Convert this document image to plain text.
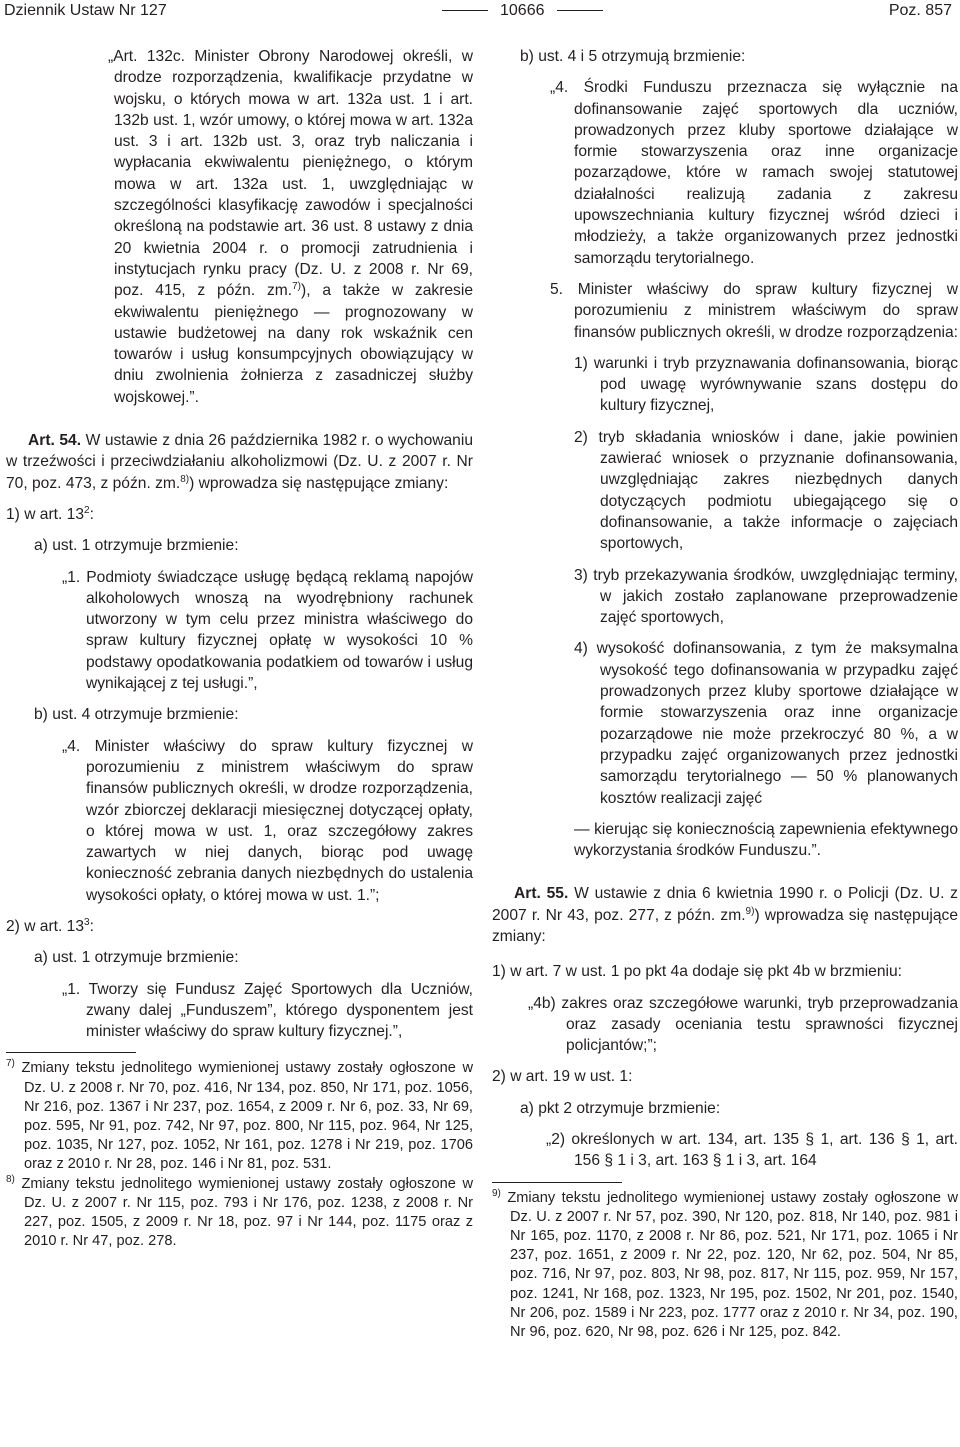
Dziennik Ustaw Nr 127	10666	Poz. 857

„Art. 132c. Minister Obrony Narodowej określi, w drodze rozporządzenia, kwalifikacje przydatne w wojsku, o których mowa w art. 132a ust. 1 i art. 132b ust. 1, wzór umowy, o której mowa w art. 132a ust. 3 i art. 132b ust. 3, oraz tryb naliczania i wypłacania ekwiwalentu pieniężnego, o którym mowa w art. 132a ust. 1, uwzględniając w szczególności klasyfikację zawodów i specjalności określoną na podstawie art. 36 ust. 8 ustawy z dnia 20 kwietnia 2004 r. o promocji zatrudnienia i instytucjach rynku pracy (Dz. U. z 2008 r. Nr 69, poz. 415, z późn. zm.$^{7)}$), a także w zakresie ekwiwalentu pieniężnego — prognozowany w ustawie budżetowej na dany rok wskaźnik cen towarów i usług konsumpcyjnych obowiązujący w dniu zwolnienia żołnierza z zasadniczej służby wojskowej.”.

Art. 54. W ustawie z dnia 26 października 1982 r. o wychowaniu w trzeźwości i przeciwdziałaniu alkoholizmowi (Dz. U. z 2007 r. Nr 70, poz. 473, z późn. zm.$^{8)}$) wprowadza się następujące zmiany:

1) w art. $13^2$:

a) ust. 1 otrzymuje brzmienie:

„1. Podmioty świadczące usługę będącą reklamą napojów alkoholowych wnoszą na wyodrębniony rachunek utworzony w tym celu przez ministra właściwego do spraw kultury fizycznej opłatę w wysokości 10 % podstawy opodatkowania podatkiem od towarów i usług wynikającej z tej usługi.”,

b) ust. 4 otrzymuje brzmienie:

„4. Minister właściwy do spraw kultury fizycznej w porozumieniu z ministrem właściwym do spraw finansów publicznych określi, w drodze rozporządzenia, wzór zbiorczej deklaracji miesięcznej dotyczącej opłaty, o której mowa w ust. 1, oraz szczegółowy zakres zawartych w niej danych, biorąc pod uwagę konieczność zebrania danych niezbędnych do ustalenia wysokości opłaty, o której mowa w ust. 1.”;

2) w art. $13^3$:

a) ust. 1 otrzymuje brzmienie:

„1. Tworzy się Fundusz Zajęć Sportowych dla Uczniów, zwany dalej „Funduszem”, którego dysponentem jest minister właściwy do spraw kultury fizycznej.”,

$^{7)}$ Zmiany tekstu jednolitego wymienionej ustawy zostały ogłoszone w Dz. U. z 2008 r. Nr 70, poz. 416, Nr 134, poz. 850, Nr 171, poz. 1056, Nr 216, poz. 1367 i Nr 237, poz. 1654, z 2009 r. Nr 6, poz. 33, Nr 69, poz. 595, Nr 91, poz. 742, Nr 97, poz. 800, Nr 115, poz. 964, Nr 125, poz. 1035, Nr 127, poz. 1052, Nr 161, poz. 1278 i Nr 219, poz. 1706 oraz z 2010 r. Nr 28, poz. 146 i Nr 81, poz. 531.

$^{8)}$ Zmiany tekstu jednolitego wymienionej ustawy zostały ogłoszone w Dz. U. z 2007 r. Nr 115, poz. 793 i Nr 176, poz. 1238, z 2008 r. Nr 227, poz. 1505, z 2009 r. Nr 18, poz. 97 i Nr 144, poz. 1175 oraz z 2010 r. Nr 47, poz. 278.

b) ust. 4 i 5 otrzymują brzmienie:

„4. Środki Funduszu przeznacza się wyłącznie na dofinansowanie zajęć sportowych dla uczniów, prowadzonych przez kluby sportowe działające w formie stowarzyszenia oraz inne organizacje pozarządowe, które w ramach swojej statutowej działalności realizują zadania z zakresu upowszechniania kultury fizycznej wśród dzieci i młodzieży, a także organizowanych przez jednostki samorządu terytorialnego.

5. Minister właściwy do spraw kultury fizycznej w porozumieniu z ministrem właściwym do spraw finansów publicznych określi, w drodze rozporządzenia:

1) warunki i tryb przyznawania dofinansowania, biorąc pod uwagę wyrównywanie szans dostępu do kultury fizycznej,

2) tryb składania wniosków i dane, jakie powinien zawierać wniosek o przyznanie dofinansowania, uwzględniając zakres niezbędnych danych dotyczących podmiotu ubiegającego się o dofinansowanie, a także informacje o zajęciach sportowych,

3) tryb przekazywania środków, uwzględniając terminy, w jakich zostało zaplanowane przeprowadzenie zajęć sportowych,

4) wysokość dofinansowania, z tym że maksymalna wysokość tego dofinansowania w przypadku zajęć prowadzonych przez kluby sportowe działające w formie stowarzyszenia oraz inne organizacje pozarządowe nie może przekroczyć 80 %, a w przypadku zajęć organizowanych przez jednostki samorządu terytorialnego — 50 % planowanych kosztów realizacji zajęć

— kierując się koniecznością zapewnienia efektywnego wykorzystania środków Funduszu.”.

Art. 55. W ustawie z dnia 6 kwietnia 1990 r. o Policji (Dz. U. z 2007 r. Nr 43, poz. 277, z późn. zm.$^{9)}$) wprowadza się następujące zmiany:

1) w art. 7 w ust. 1 po pkt 4a dodaje się pkt 4b w brzmieniu:

„4b) zakres oraz szczegółowe warunki, tryb przeprowadzania oraz zasady oceniania testu sprawności fizycznej policjantów;”;

2) w art. 19 w ust. 1:

a) pkt 2 otrzymuje brzmienie:

„2) określonych w art. 134, art. 135 § 1, art. 136 § 1, art. 156 § 1 i 3, art. 163 § 1 i 3, art. 164

$^{9)}$ Zmiany tekstu jednolitego wymienionej ustawy zostały ogłoszone w Dz. U. z 2007 r. Nr 57, poz. 390, Nr 120, poz. 818, Nr 140, poz. 981 i Nr 165, poz. 1170, z 2008 r. Nr 86, poz. 521, Nr 171, poz. 1065 i Nr 237, poz. 1651, z 2009 r. Nr 22, poz. 120, Nr 62, poz. 504, Nr 85, poz. 716, Nr 97, poz. 803, Nr 98, poz. 817, Nr 115, poz. 959, Nr 157, poz. 1241, Nr 168, poz. 1323, Nr 195, poz. 1502, Nr 201, poz. 1540, Nr 206, poz. 1589 i Nr 223, poz. 1777 oraz z 2010 r. Nr 34, poz. 190, Nr 96, poz. 620, Nr 98, poz. 626 i Nr 125, poz. 842.
